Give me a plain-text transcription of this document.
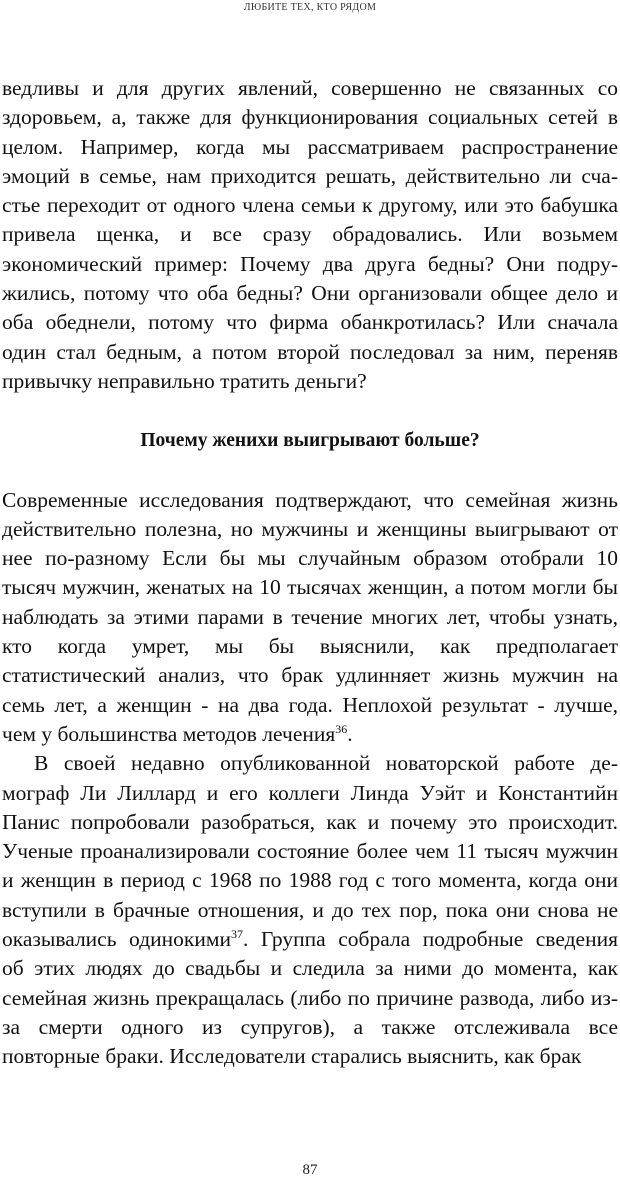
ЛЮБИТЕ ТЕХ, КТО РЯДОМ
ведливы и для других явлений, совершенно не связанных со
здоровьем, а, также для функционирования социальных сетей в
целом. Например, когда мы рассматриваем распространение
эмоций в семье, нам приходится решать, действительно ли сча-
стье переходит от одного члена семьи к другому, или это бабушка
привела щенка, и все сразу обрадовались. Или возьмем
экономический пример: Почему два друга бедны? Они подру-
жились, потому что оба бедны? Они организовали общее дело и
оба обеднели, потому что фирма обанкротилась? Или сначала
один стал бедным, а потом второй последовал за ним, переняв
привычку неправильно тратить деньги?
Почему женихи выигрывают больше?
Современные исследования подтверждают, что семейная жизнь
действительно полезна, но мужчины и женщины выигрывают от
нее по-разному Если бы мы случайным образом отобрали 10
тысяч мужчин, женатых на 10 тысячах женщин, а потом могли бы
наблюдать за этими парами в течение многих лет, чтобы узнать,
кто когда умрет, мы бы выяснили, как предполагает
статистический анализ, что брак удлинняет жизнь мужчин на
семь лет, а женщин - на два года. Неплохой результат - лучше,
чем у большинства методов лечения$^{36}$.
В своей недавно опубликованной новаторской работе де-
мограф Ли Лиллард и его коллеги Линда Уэйт и Константийн
Панис попробовали разобраться, как и почему это происходит.
Ученые проанализировали состояние более чем 11 тысяч мужчин
и женщин в период с 1968 по 1988 год с того момента, когда они
вступили в брачные отношения, и до тех пор, пока они снова не
оказывались одинокими$^{37}$. Группа собрала подробные сведения
об этих людях до свадьбы и следила за ними до момента, как
семейная жизнь прекращалась (либо по причине развода, либо из-
за смерти одного из супругов), а также отслеживала все
повторные браки. Исследователи старались выяснить, как брак
87
